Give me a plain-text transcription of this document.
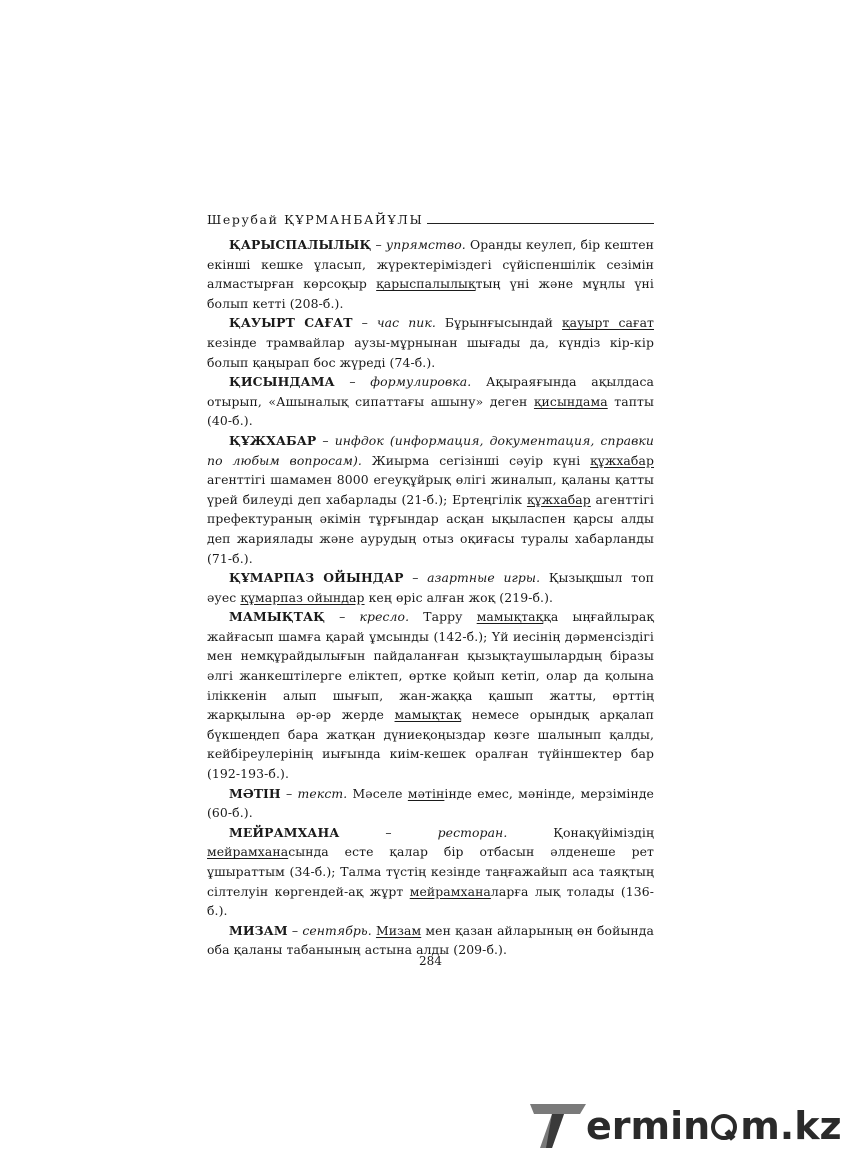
Шерубай ҚҰРМАНБАЙҰЛЫ

ҚАРЫСПАЛЫЛЫҚ – упрямство. Оранды кеулеп, бір кештен екінші кешке ұласып, жүректеріміздегі сүйіспеншілік сезімін алмастырған көрсоқыр қарыспалылықтың үні және мұңлы үні болып кетті (208-б.).

ҚАУЫРТ САҒАТ – час пик. Бұрынғысындай қауырт сағат кезінде трамвайлар аузы-мұрнынан шығады да, күндіз кір-кір болып қаңырап бос жүреді (74-б.).

ҚИСЫНДАМА – формулировка. Ақыраяғында ақылдаса отырып, «Ашыналық сипаттағы ашыну» деген қисындама тапты (40-б.).

ҚҰЖХАБАР – инфдок (информация, документация, справки по любым вопросам). Жиырма сегізінші сәуір күні құжхабар агенттігі шамамен 8000 егеуқұйрық өлігі жиналып, қаланы қатты үрей билеуді деп хабарлады (21-б.); Ертеңгілік құжхабар агенттігі префектураның әкімін тұрғындар асқан ықыласпен қарсы алды деп жариялады және аурудың отыз оқиғасы туралы хабарланды (71-б.).

ҚҰМАРПАЗ ОЙЫНДАР – азартные игры. Қызықшыл топ әуес құмарпаз ойындар кең өріс алған жоқ (219-б.).

МАМЫҚТАҚ – кресло. Тарру мамықтаққа ыңғайлырақ жайғасып шамға қарай ұмсынды (142-б.); Үй иесінің дәрменсіздігі мен немқұрайдылығын пайдаланған қызықтаушылардың біразы әлгі жанкештілерге еліктеп, өртке қойып кетіп, олар да қолына іліккенін алып шығып, жан-жаққа қашып жатты, өрттің жарқылына әр-әр жерде мамықтақ немесе орындық арқалап бүкшеңдеп бара жатқан дүниеқоңыздар көзге шалынып қалды, кейбіреулерінің иығында киім-кешек оралған түйіншектер бар (192-193-б.).

МӘТІН – текст. Мәселе мәтінінде емес, мәнінде, мерзімінде (60-б.).

МЕЙРАМХАНА – ресторан. Қонақүйіміздің мейрамханасында есте қалар бір отбасын әлденеше рет ұшыраттым (34-б.); Талма түстің кезінде таңғажайып аса таяқтың сілтелуін көргендей-ақ жұрт мейрамханаларға лық толады (136-б.).

МИЗАМ – сентябрь. Мизам мен қазан айларының өн бойында оба қаланы табанының астына алды (209-б.).

284
ermin m.kz
